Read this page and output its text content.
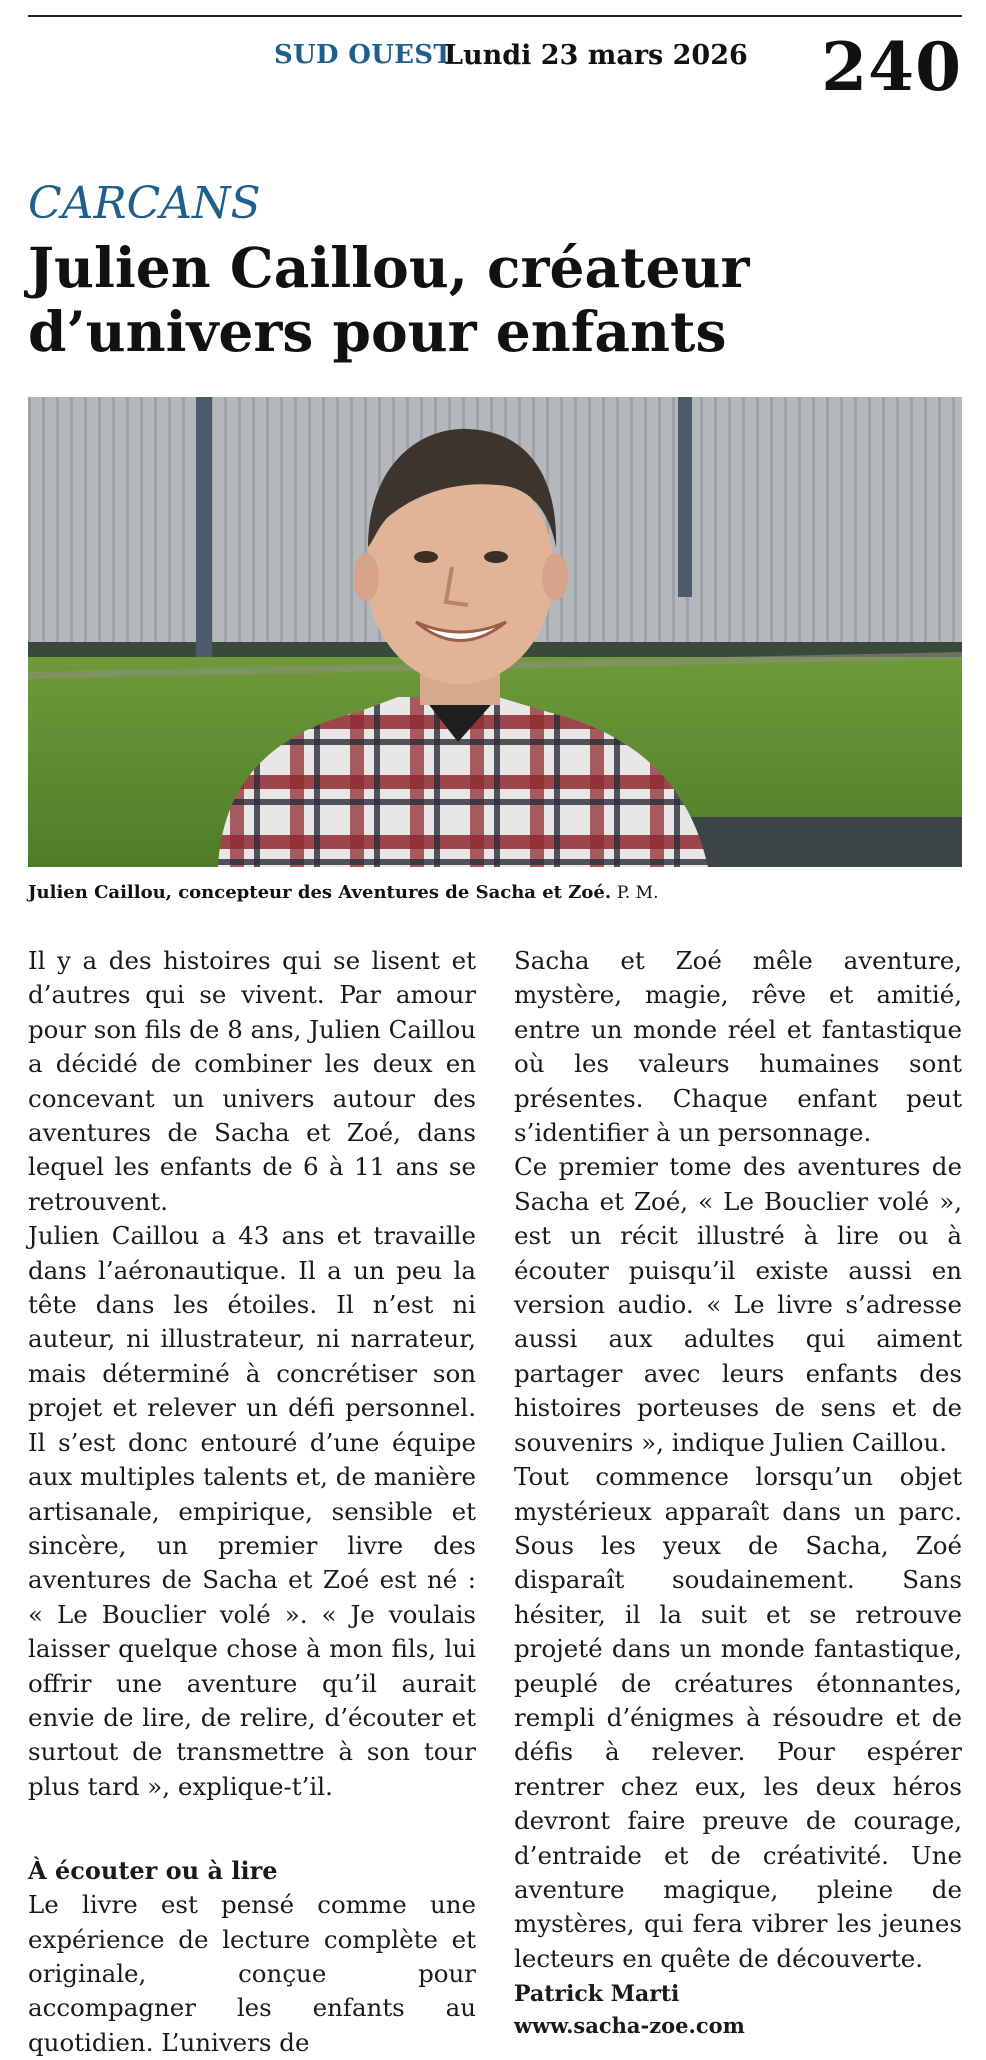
SUD OUEST
Lundi 23 mars 2026 240
CARCANS
Julien Caillou, créateur d’univers pour enfants
Julien Caillou, concepteur des Aventures de Sacha et Zoé. P. M.

Il y a des histoires qui se lisent et d’autres qui se vivent. Par amour pour son fils de 8 ans, Julien Caillou a décidé de combiner les deux en concevant un univers autour des aventures de Sacha et Zoé, dans lequel les enfants de 6 à 11 ans se retrouvent.

Julien Caillou a 43 ans et travaille dans l’aéronautique. Il a un peu la tête dans les étoiles. Il n’est ni auteur, ni illustrateur, ni narrateur, mais déterminé à concrétiser son projet et relever un défi personnel. Il s’est donc entouré d’une équipe aux multiples talents et, de manière artisanale, empirique, sensible et sincère, un premier livre des aventures de Sacha et Zoé est né : « Le Bouclier volé ». « Je voulais laisser quelque chose à mon fils, lui offrir une aventure qu’il aurait envie de lire, de relire, d’écouter et surtout de transmettre à son tour plus tard », explique-t’il.

À écouter ou à lire

Le livre est pensé comme une expérience de lecture complète et originale, conçue pour accompagner les enfants au quotidien. L’univers de

Sacha et Zoé mêle aventure, mystère, magie, rêve et amitié, entre un monde réel et fantastique où les valeurs humaines sont présentes. Chaque enfant peut s’identifier à un personnage.

Ce premier tome des aventures de Sacha et Zoé, « Le Bouclier volé », est un récit illustré à lire ou à écouter puisqu’il existe aussi en version audio. « Le livre s’adresse aussi aux adultes qui aiment partager avec leurs enfants des histoires porteuses de sens et de souvenirs », indique Julien Caillou.

Tout commence lorsqu’un objet mystérieux apparaît dans un parc. Sous les yeux de Sacha, Zoé disparaît soudainement. Sans hésiter, il la suit et se retrouve projeté dans un monde fantastique, peuplé de créatures étonnantes, rempli d’énigmes à résoudre et de défis à relever. Pour espérer rentrer chez eux, les deux héros devront faire preuve de courage, d’entraide et de créativité. Une aventure magique, pleine de mystères, qui fera vibrer les jeunes lecteurs en quête de découverte.

Patrick Marti
www.sacha-zoe.com
